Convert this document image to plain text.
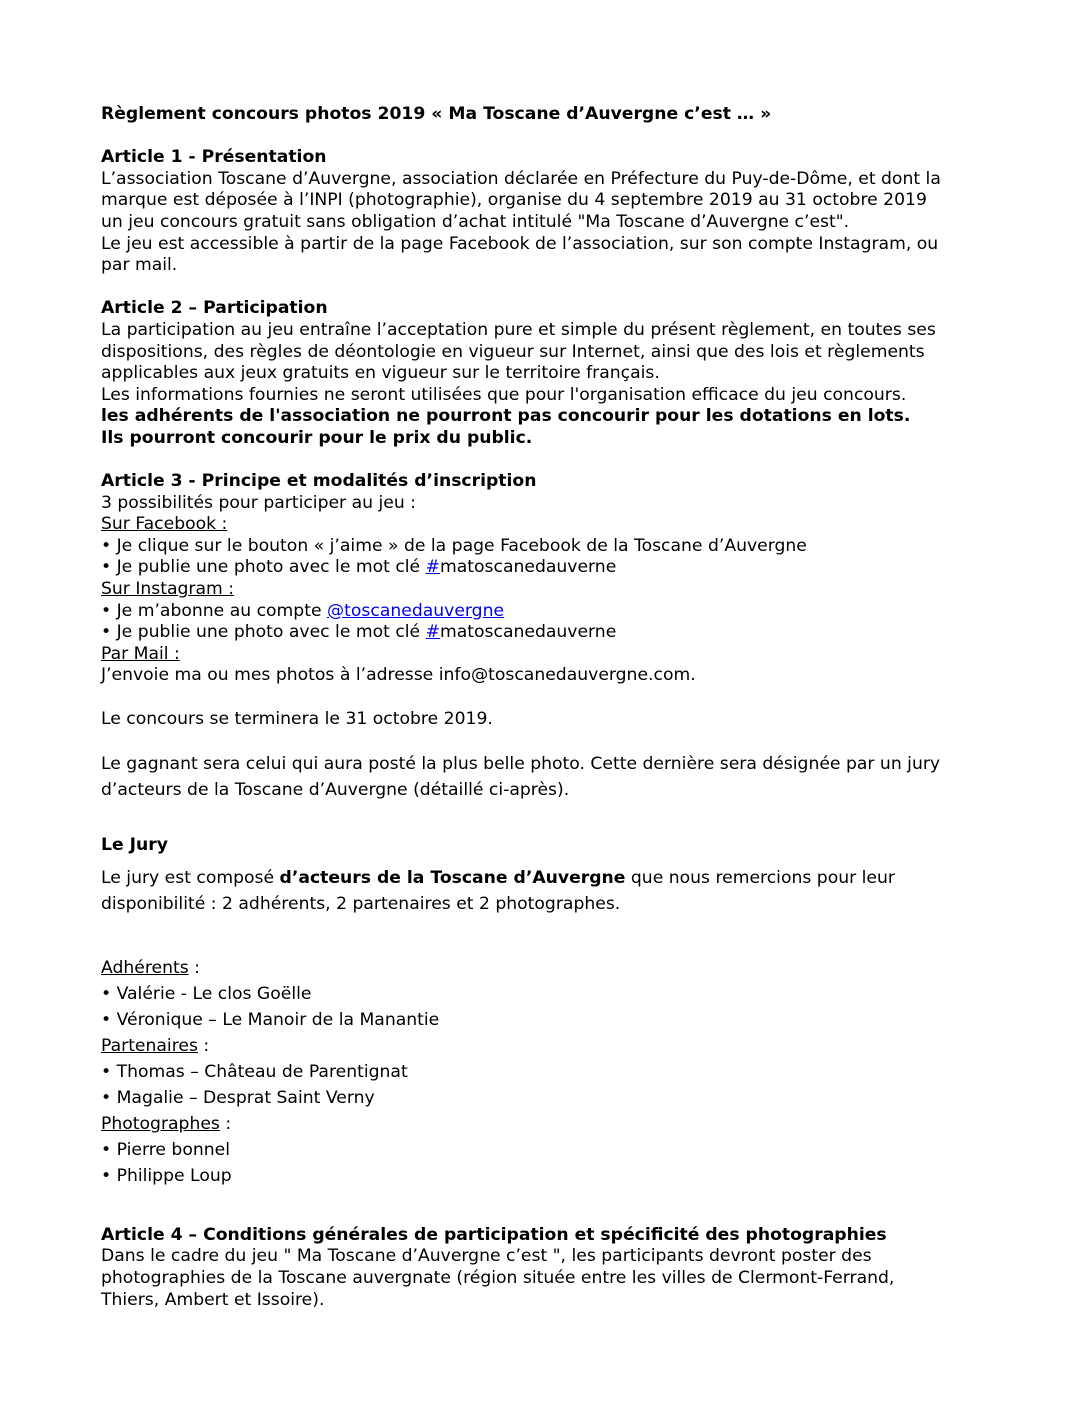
Règlement concours photos 2019 « Ma Toscane d’Auvergne c’est … »
Article 1 - Présentation
L’association Toscane d’Auvergne, association déclarée en Préfecture du Puy-de-Dôme, et dont la
marque est déposée à l’INPI (photographie), organise du 4 septembre 2019 au 31 octobre 2019
un jeu concours gratuit sans obligation d’achat intitulé "Ma Toscane d’Auvergne c’est".
Le jeu est accessible à partir de la page Facebook de l’association, sur son compte Instagram, ou
par mail.
Article 2 – Participation
La participation au jeu entraîne l’acceptation pure et simple du présent règlement, en toutes ses
dispositions, des règles de déontologie en vigueur sur Internet, ainsi que des lois et règlements
applicables aux jeux gratuits en vigueur sur le territoire français.
Les informations fournies ne seront utilisées que pour l'organisation efficace du jeu concours.
les adhérents de l'association ne pourront pas concourir pour les dotations en lots.
Ils pourront concourir pour le prix du public.
Article 3 - Principe et modalités d’inscription
3 possibilités pour participer au jeu :
Sur Facebook :
• Je clique sur le bouton « j’aime » de la page Facebook de la Toscane d’Auvergne
• Je publie une photo avec le mot clé #matoscanedauverne
Sur Instagram :
• Je m’abonne au compte @toscanedauvergne
• Je publie une photo avec le mot clé #matoscanedauverne
Par Mail :
J’envoie ma ou mes photos à l’adresse info@toscanedauvergne.com.
Le concours se terminera le 31 octobre 2019.
Le gagnant sera celui qui aura posté la plus belle photo. Cette dernière sera désignée par un jury
d’acteurs de la Toscane d’Auvergne (détaillé ci-après).
Le Jury
Le jury est composé d’acteurs de la Toscane d’Auvergne que nous remercions pour leur
disponibilité : 2 adhérents, 2 partenaires et 2 photographes.
Adhérents :
• Valérie - Le clos Goëlle
• Véronique – Le Manoir de la Manantie
Partenaires :
• Thomas – Château de Parentignat
• Magalie – Desprat Saint Verny
Photographes :
• Pierre bonnel
• Philippe Loup
Article 4 – Conditions générales de participation et spécificité des photographies
Dans le cadre du jeu " Ma Toscane d’Auvergne c’est ", les participants devront poster des
photographies de la Toscane auvergnate (région située entre les villes de Clermont-Ferrand,
Thiers, Ambert et Issoire).
